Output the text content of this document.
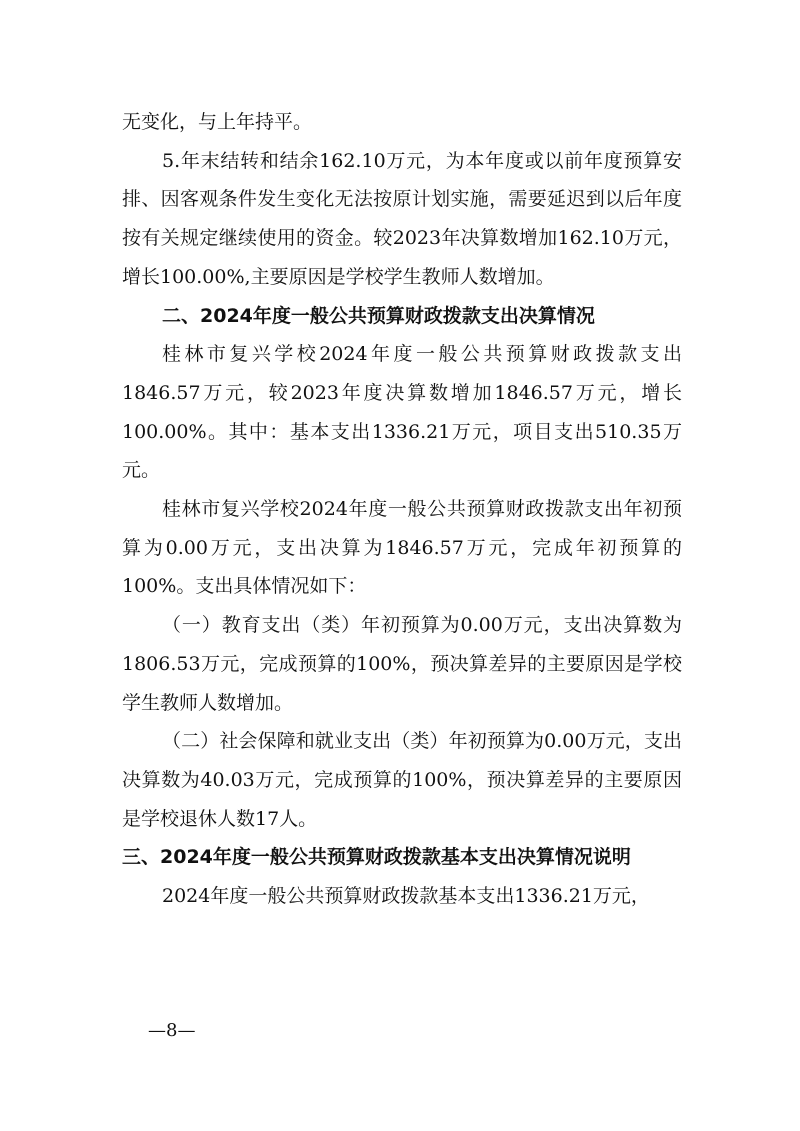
无变化，与上年持平。

5.年末结转和结余162.10万元，为本年度或以前年度预算安排、因客观条件发生变化无法按原计划实施，需要延迟到以后年度按有关规定继续使用的资金。较2023年决算数增加162.10万元，增长100.00%,主要原因是学校学生教师人数增加。

二、2024年度一般公共预算财政拨款支出决算情况

桂林市复兴学校2024年度一般公共预算财政拨款支出1846.57万元，较2023年度决算数增加1846.57万元，增长100.00%。其中：基本支出1336.21万元，项目支出510.35万元。

桂林市复兴学校2024年度一般公共预算财政拨款支出年初预算为0.00万元，支出决算为1846.57万元，完成年初预算的100%。支出具体情况如下：

（一）教育支出（类）年初预算为0.00万元，支出决算数为1806.53万元，完成预算的100%，预决算差异的主要原因是学校学生教师人数增加。

（二）社会保障和就业支出（类）年初预算为0.00万元，支出决算数为40.03万元，完成预算的100%，预决算差异的主要原因是学校退休人数17人。

三、2024年度一般公共预算财政拨款基本支出决算情况说明

2024年度一般公共预算财政拨款基本支出1336.21万元，

—8—
